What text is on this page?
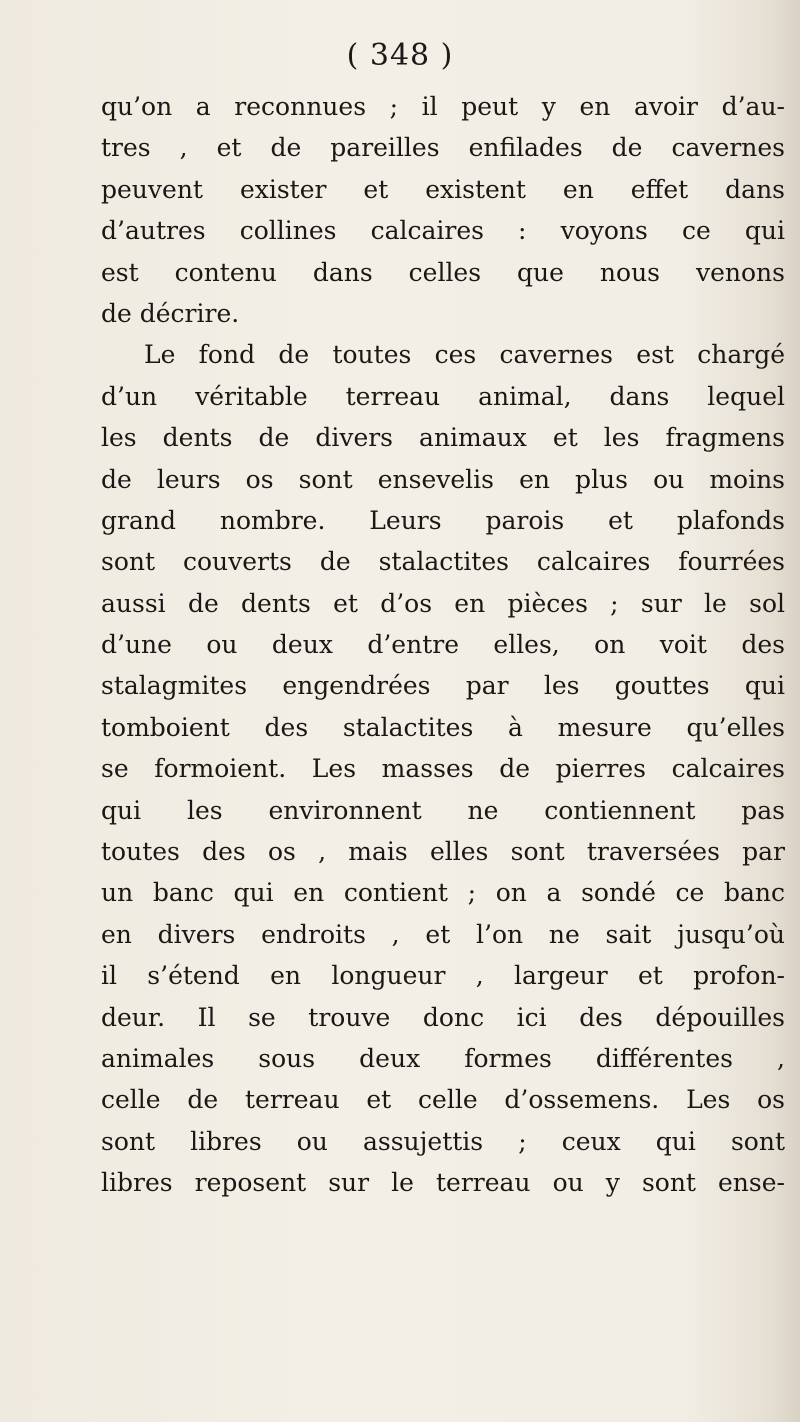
( 348 )
qu’on a reconnues ; il peut y en avoir d’au-
tres , et de pareilles enfilades de cavernes
peuvent exister et existent en effet dans
d’autres collines calcaires : voyons ce qui
est contenu dans celles que nous venons
de décrire.
Le fond de toutes ces cavernes est chargé
d’un véritable terreau animal, dans lequel
les dents de divers animaux et les fragmens
de leurs os sont ensevelis en plus ou moins
grand nombre. Leurs parois et plafonds
sont couverts de stalactites calcaires fourrées
aussi de dents et d’os en pièces ; sur le sol
d’une ou deux d’entre elles, on voit des
stalagmites engendrées par les gouttes qui
tomboient des stalactites à mesure qu’elles
se formoient. Les masses de pierres calcaires
qui les environnent ne contiennent pas
toutes des os , mais elles sont traversées par
un banc qui en contient ; on a sondé ce banc
en divers endroits , et l’on ne sait jusqu’où
il s’étend en longueur , largeur et profon-
deur. Il se trouve donc ici des dépouilles
animales sous deux formes différentes ,
celle de terreau et celle d’ossemens. Les os
sont libres ou assujettis ; ceux qui sont
libres reposent sur le terreau ou y sont ense-
